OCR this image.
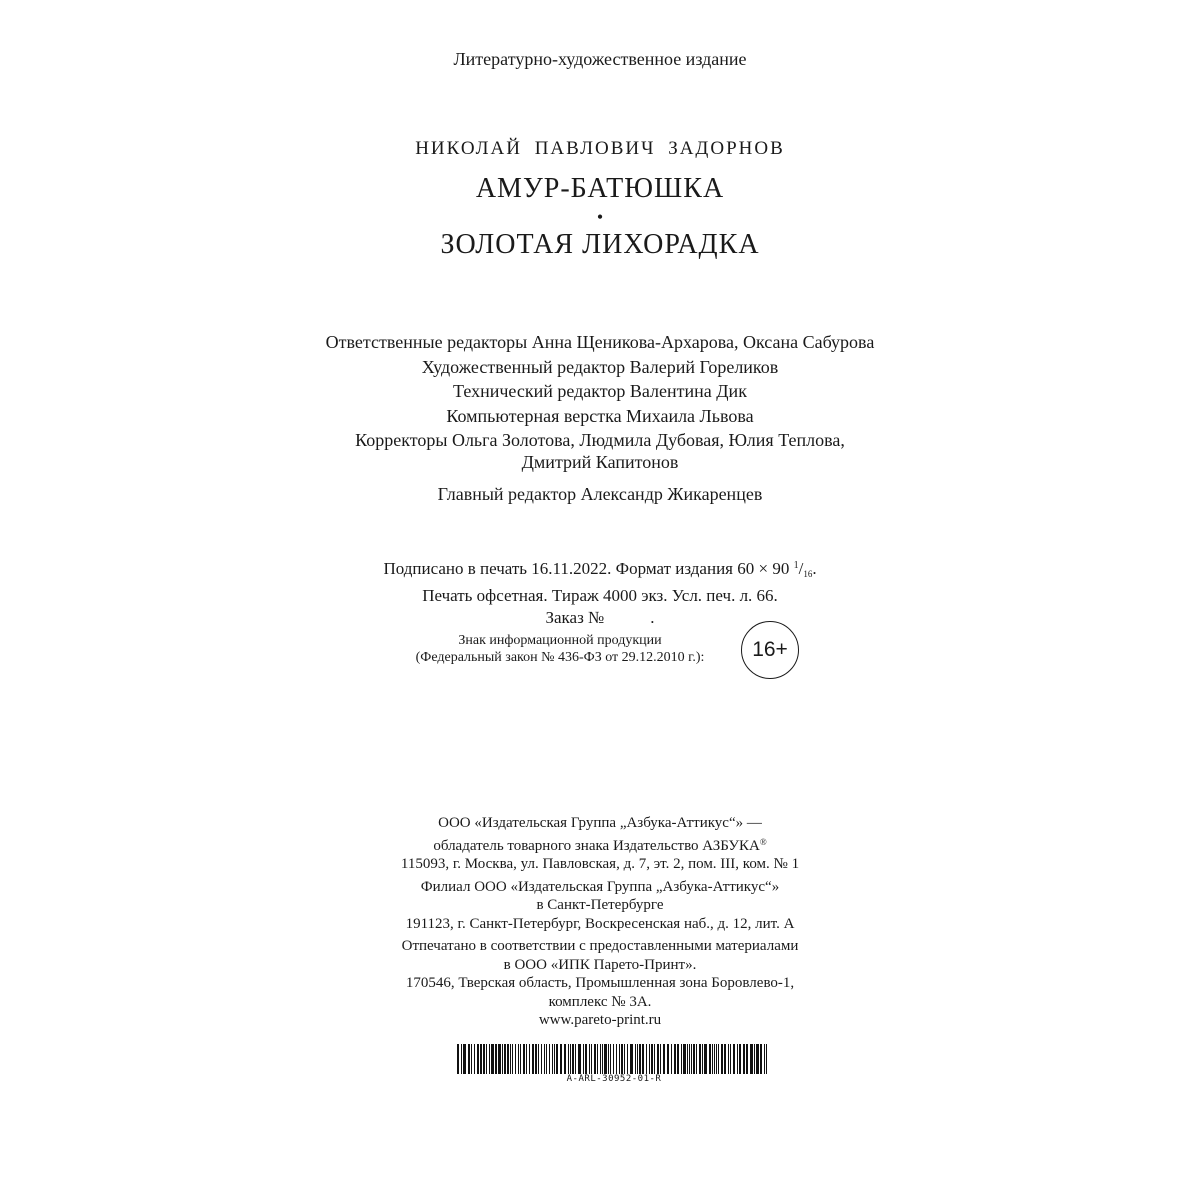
Литературно-художественное издание
НИКОЛАЙ ПАВЛОВИЧ ЗАДОРНОВ
АМУР-БАТЮШКА
•
ЗОЛОТАЯ ЛИХОРАДКА
Ответственные редакторы Анна Щеникова-Архарова, Оксана Сабурова
Художественный редактор Валерий Гореликов
Технический редактор Валентина Дик
Компьютерная верстка Михаила Львова
Корректоры Ольга Золотова, Людмила Дубовая, Юлия Теплова,
Дмитрий Капитонов
Главный редактор Александр Жикаренцев
Подписано в печать 16.11.2022. Формат издания 60 × 90 $^1/_{16}$.
Печать офсетная. Тираж 4000 экз. Усл. печ. л. 66.
Заказ №	.
Знак информационной продукции
(Федеральный закон № 436-ФЗ от 29.12.2010 г.):	16+
ООО «Издательская Группа „Азбука-Аттикус“» —
обладатель товарного знака Издательство АЗБУКА®
115093, г. Москва, ул. Павловская, д. 7, эт. 2, пом. III, ком. № 1
Филиал ООО «Издательская Группа „Азбука-Аттикус“»
в Санкт-Петербурге
191123, г. Санкт-Петербург, Воскресенская наб., д. 12, лит. А
Отпечатано в соответствии с предоставленными материалами
в ООО «ИПК Парето-Принт».
170546, Тверская область, Промышленная зона Боровлево-1,
комплекс № 3А.
www.pareto-print.ru
A-ARL-30952-01-R
